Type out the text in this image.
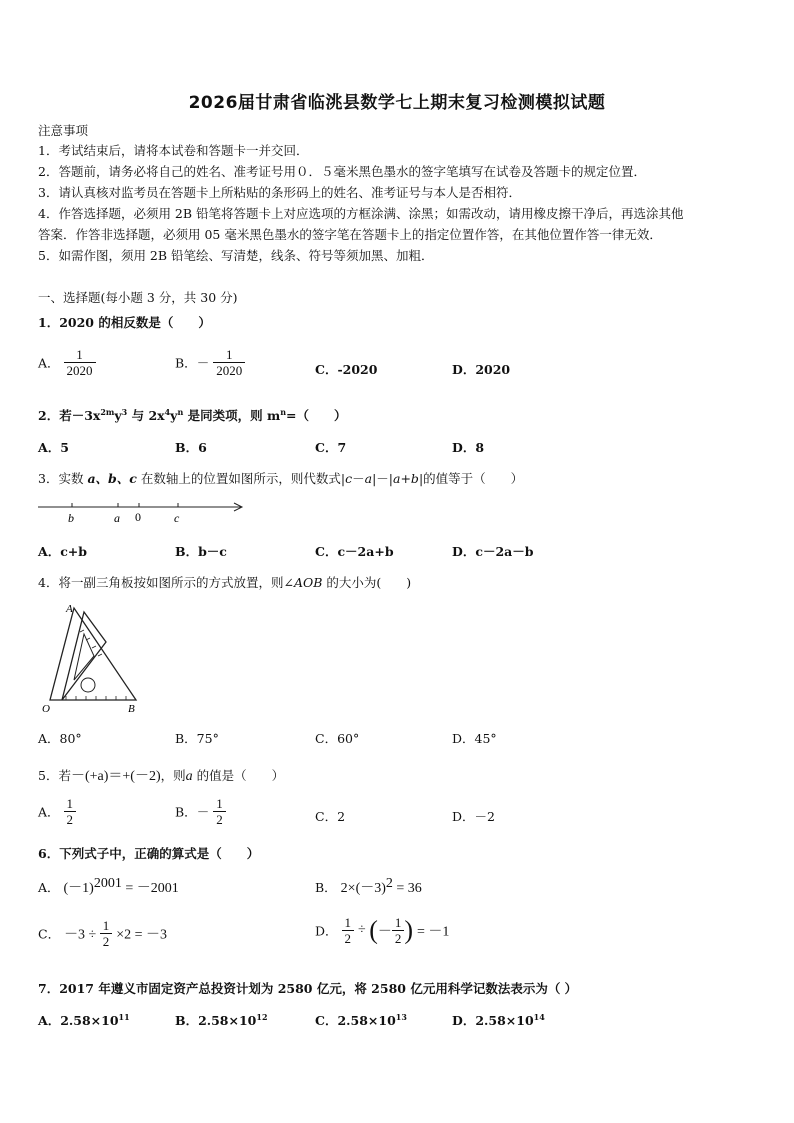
2026届甘肃省临洮县数学七上期末复习检测模拟试题
注意事项
1．考试结束后，请将本试卷和答题卡一并交回．
2．答题前，请务必将自己的姓名、准考证号用０．５毫米黑色墨水的签字笔填写在试卷及答题卡的规定位置．
3．请认真核对监考员在答题卡上所粘贴的条形码上的姓名、准考证号与本人是否相符．
4．作答选择题，必须用 2B 铅笔将答题卡上对应选项的方框涂满、涂黑；如需改动，请用橡皮擦干净后，再选涂其他
答案．作答非选择题，必须用 05 毫米黑色墨水的签字笔在答题卡上的指定位置作答，在其他位置作答一律无效．
5．如需作图，须用 2B 铅笔绘、写清楚，线条、符号等须加黑、加粗．
一、选择题(每小题 3 分，共 30 分)
1．2020 的相反数是（　　）
A． $\frac{1}{2020}$	B．－ $\frac{1}{2020}$	C．-2020	D．2020
2．若$-3x^{2m}y^3$ 与 $2x^4y^n$ 是同类项，则 $m^n=$（　　）
A．5	B．6	C．7	D．8
3．实数 a、b、c 在数轴上的位置如图所示，则代数式|c－a|－|a+b|的值等于（　　）
b	a 0	c
A．c+b	B．b－c	C．c－2a+b	D．c－2a－b
4．将一副三角板按如图所示的方式放置，则∠AOB 的大小为(　　)
A
O	B
A．80°	B．75°	C．60°	D．45°
5．若－(+a)＝+(－2)，则a 的值是（　　）
A． $\frac{1}{2}$	B．－ $\frac{1}{2}$	C．2	D．－2
6．下列式子中，正确的算式是（　　）
A． $(-1)^{2001} = -2001$	B． $2\times(-3)^2 = 36$
C． $-3 \div \frac{1}{2} \times 2 = -3$	D． $\frac{1}{2}$ ÷ (－ $\frac{1}{2}$ ) = －1
7．2017 年遵义市固定资产总投资计划为 2580 亿元，将 2580 亿元用科学记数法表示为（ ）
A．$2.58\times 10^{11}$	B．$2.58\times 10^{12}$	C．$2.58\times 10^{13}$	D．$2.58\times 10^{14}$
